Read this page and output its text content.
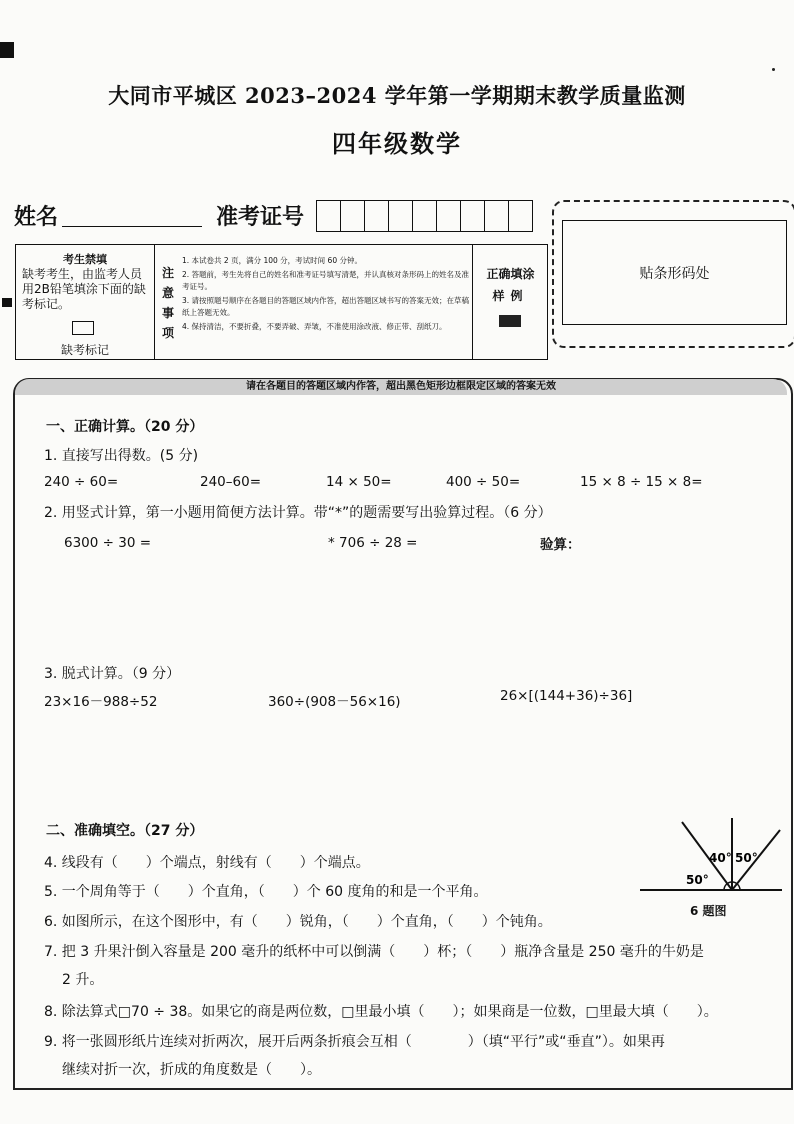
大同市平城区 2023–2024 学年第一学期期末教学质量监测
四年级数学
姓名	准考证号
考生禁填
缺考考生，由监考人员用2B铅笔填涂下面的缺考标记。
缺考标记
注意事项
1. 本试卷共 2 页，满分 100 分，考试时间 60 分钟。
2. 答题前，考生先将自己的姓名和准考证号填写清楚，并认真核对条形码上的姓名及准考证号。
3. 请按照题号顺序在各题目的答题区域内作答，超出答题区域书写的答案无效；在草稿纸上答题无效。
4. 保持清洁，不要折叠，不要弄破、弄皱，不准使用涂改液、修正带、刮纸刀。
正确填涂
样例
贴条形码处
请在各题目的答题区域内作答，超出黑色矩形边框限定区域的答案无效
一、正确计算。（20 分）
1. 直接写出得数。(5 分)
240 ÷ 60=	240–60=	14 × 50=	400 ÷ 50=	15 × 8 ÷ 15 × 8=
2. 用竖式计算，第一小题用简便方法计算。带“*”的题需要写出验算过程。（6 分）
6300 ÷ 30 =	* 706 ÷ 28 =	验算：
3. 脱式计算。（9 分）
23×16－988÷52	360÷(908－56×16)	26×[(144+36)÷36]
二、准确填空。（27 分）
4. 线段有（　　）个端点，射线有（　　）个端点。
5. 一个周角等于（　　）个直角，（　　）个 60 度角的和是一个平角。
6. 如图所示，在这个图形中，有（　　）锐角，（　　）个直角，（　　）个钝角。
7. 把 3 升果汁倒入容量是 200 毫升的纸杯中可以倒满（　　）杯；（　　）瓶净含量是 250 毫升的牛奶是
2 升。
8. 除法算式□70 ÷ 38。如果它的商是两位数，□里最小填（　　）；如果商是一位数，□里最大填（　　）。
9. 将一张圆形纸片连续对折两次，展开后两条折痕会互相（　　　　）（填“平行”或“垂直”）。如果再
继续对折一次，折成的角度数是（　　）。
40° 50°
50°
6 题图
